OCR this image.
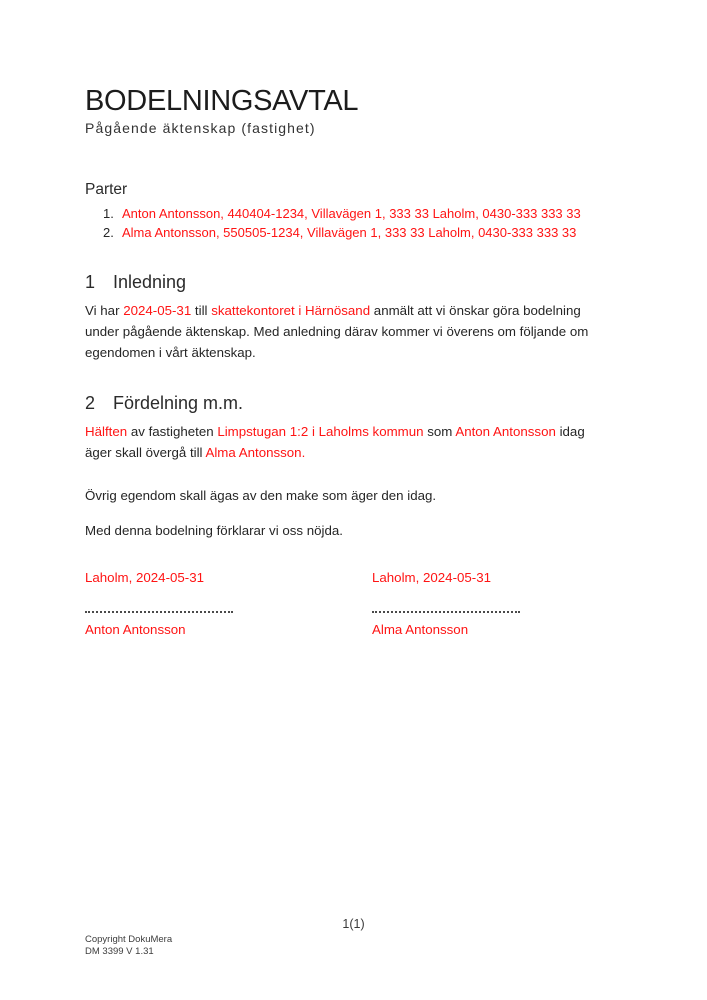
BODELNINGSAVTAL
Pågående äktenskap (fastighet)
Parter
1. Anton Antonsson, 440404-1234, Villavägen 1, 333 33 Laholm, 0430-333 333 33
2. Alma Antonsson, 550505-1234, Villavägen 1, 333 33 Laholm, 0430-333 333 33
1 Inledning
Vi har 2024-05-31 till skattekontoret i Härnösand anmält att vi önskar göra bodelning under pågående äktenskap. Med anledning därav kommer vi överens om följande om egendomen i vårt äktenskap.
2 Fördelning m.m.
Hälften av fastigheten Limpstugan 1:2 i Laholms kommun som Anton Antonsson idag äger skall övergå till Alma Antonsson.
Övrig egendom skall ägas av den make som äger den idag.
Med denna bodelning förklarar vi oss nöjda.
Laholm, 2024-05-31
Anton Antonsson
Laholm, 2024-05-31
Alma Antonsson
1(1)
Copyright DokuMera
DM 3399 V 1.31
